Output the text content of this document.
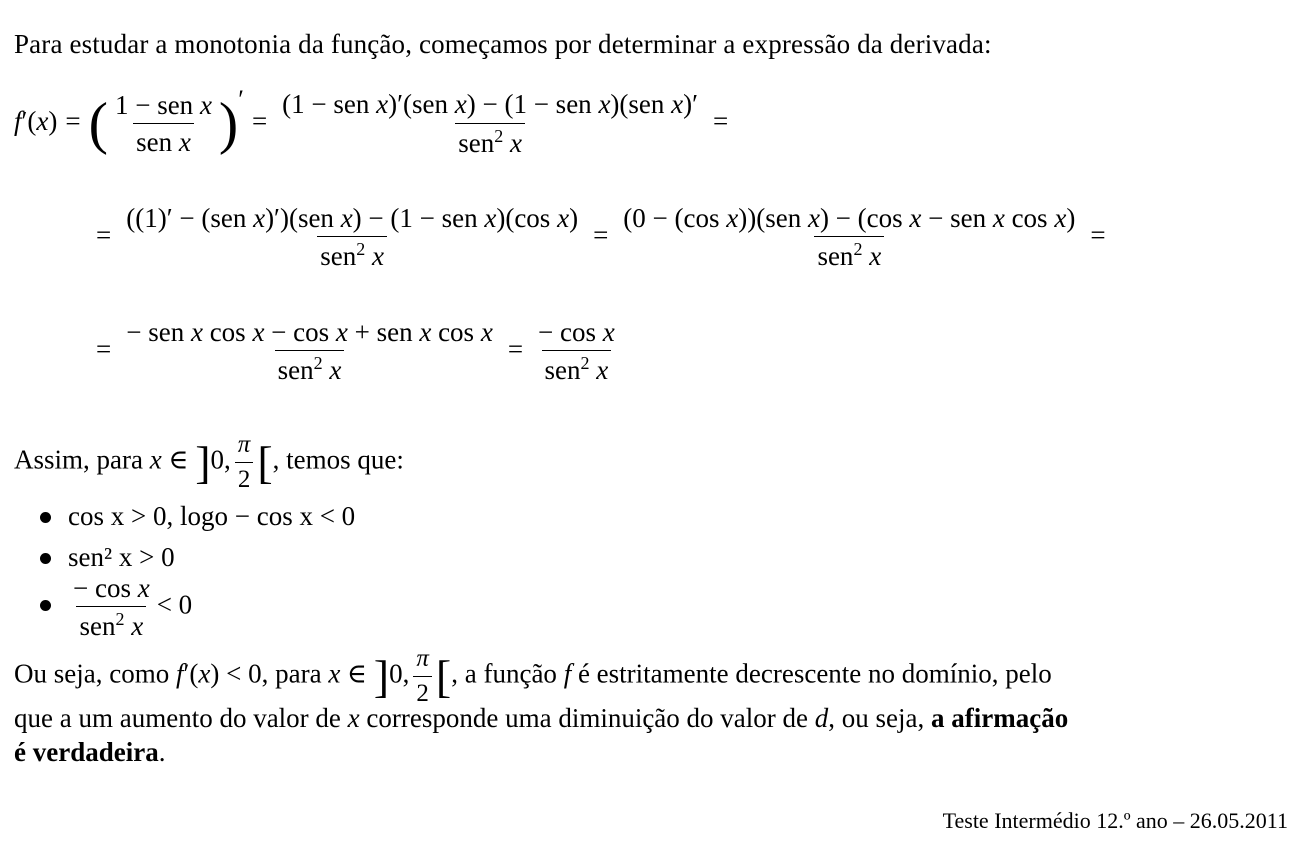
Para estudar a monotonia da função, começamos por determinar a expressão da derivada:
f′(x) = ( $\frac{\text{1 − sen x}}{\text{sen x}}$ )′= $\frac{\text{(1 − sen x)′(sen x) − (1 − sen x)(sen x)′}}{sen^2 x}$ =
= $\frac{\text{((1)′ − (sen x)′)(sen x) − (1 − sen x)(cos x)}}{sen^2 x} = \frac{\text{(0 − (cos x))(sen x) − (cos x − sen x cos x)}}{sen^2 x}$ =
= $\frac{\text{− sen x cos x − cos x + sen x cos x}}{sen^2 x} = \frac{\text{− cos x}}{sen^2 x}$
Assim, para x ∈ ]0, $\frac{\pi}{2}$ [, temos que:
cos x > 0, logo − cos x < 0
sen² x > 0
$\frac{\text{− cos x}}{sen^2 x} < 0$
Ou seja, como f′(x) < 0, para x ∈ ]0, $\frac{\pi}{2}$ [, a função f é estritamente decrescente no domínio, pelo
que a um aumento do valor de x corresponde uma diminuição do valor de d, ou seja, a afirmação
é verdadeira.
Teste Intermédio 12.º ano – 26.05.2011
